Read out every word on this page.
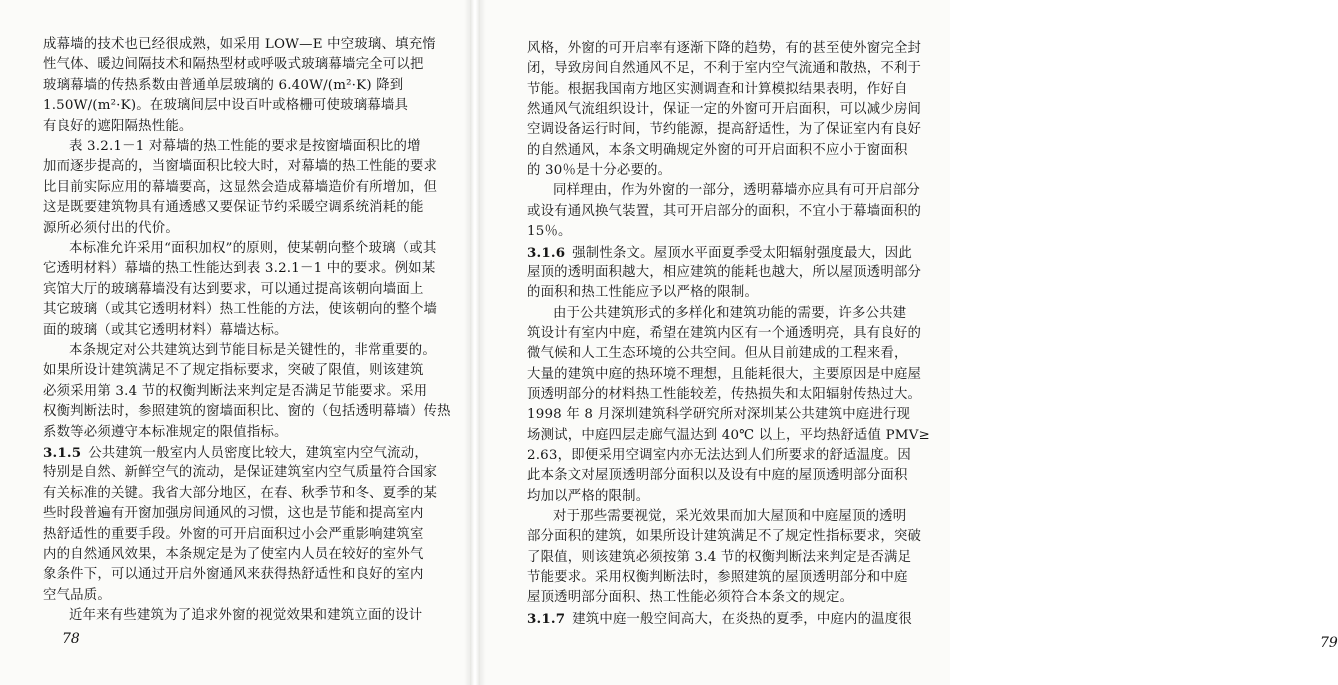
成幕墙的技术也已经很成熟，如采用 LOW—E 中空玻璃、填充惰
性气体、暖边间隔技术和隔热型材或呼吸式玻璃幕墙完全可以把
玻璃幕墙的传热系数由普通单层玻璃的 6.40W/(m²·K) 降到
1.50W/(m²·K)。在玻璃间层中设百叶或格栅可使玻璃幕墙具
有良好的遮阳隔热性能。
表 3.2.1－1 对幕墙的热工性能的要求是按窗墙面积比的增
加而逐步提高的，当窗墙面积比较大时，对幕墙的热工性能的要求
比目前实际应用的幕墙要高，这显然会造成幕墙造价有所增加，但
这是既要建筑物具有通透感又要保证节约采暖空调系统消耗的能
源所必须付出的代价。
本标准允许采用“面积加权”的原则，使某朝向整个玻璃（或其
它透明材料）幕墙的热工性能达到表 3.2.1－1 中的要求。例如某
宾馆大厅的玻璃幕墙没有达到要求，可以通过提高该朝向墙面上
其它玻璃（或其它透明材料）热工性能的方法，使该朝向的整个墙
面的玻璃（或其它透明材料）幕墙达标。
本条规定对公共建筑达到节能目标是关键性的，非常重要的。
如果所设计建筑满足不了规定指标要求，突破了限值，则该建筑
必须采用第 3.4 节的权衡判断法来判定是否满足节能要求。采用
权衡判断法时，参照建筑的窗墙面积比、窗的（包括透明幕墙）传热
系数等必须遵守本标准规定的限值指标。
3.1.5  公共建筑一般室内人员密度比较大，建筑室内空气流动，
特别是自然、新鲜空气的流动，是保证建筑室内空气质量符合国家
有关标准的关键。我省大部分地区，在春、秋季节和冬、夏季的某
些时段普遍有开窗加强房间通风的习惯，这也是节能和提高室内
热舒适性的重要手段。外窗的可开启面积过小会严重影响建筑室
内的自然通风效果，本条规定是为了使室内人员在较好的室外气
象条件下，可以通过开启外窗通风来获得热舒适性和良好的室内
空气品质。
近年来有些建筑为了追求外窗的视觉效果和建筑立面的设计
78
风格，外窗的可开启率有逐渐下降的趋势，有的甚至使外窗完全封
闭，导致房间自然通风不足，不利于室内空气流通和散热，不利于
节能。根据我国南方地区实测调查和计算模拟结果表明，作好自
然通风气流组织设计，保证一定的外窗可开启面积，可以减少房间
空调设备运行时间，节约能源，提高舒适性，为了保证室内有良好
的自然通风，本条文明确规定外窗的可开启面积不应小于窗面积
的 30％是十分必要的。
同样理由，作为外窗的一部分，透明幕墙亦应具有可开启部分
或设有通风换气装置，其可开启部分的面积，不宜小于幕墙面积的
15％。
3.1.6  强制性条文。屋顶水平面夏季受太阳辐射强度最大，因此
屋顶的透明面积越大，相应建筑的能耗也越大，所以屋顶透明部分
的面积和热工性能应予以严格的限制。
由于公共建筑形式的多样化和建筑功能的需要，许多公共建
筑设计有室内中庭，希望在建筑内区有一个通透明亮，具有良好的
微气候和人工生态环境的公共空间。但从目前建成的工程来看，
大量的建筑中庭的热环境不理想，且能耗很大，主要原因是中庭屋
顶透明部分的材料热工性能较差，传热损失和太阳辐射传热过大。
1998 年 8 月深圳建筑科学研究所对深圳某公共建筑中庭进行现
场测试，中庭四层走廊气温达到 40℃ 以上，平均热舒适值 PMV≥
2.63，即便采用空调室内亦无法达到人们所要求的舒适温度。因
此本条文对屋顶透明部分面积以及设有中庭的屋顶透明部分面积
均加以严格的限制。
对于那些需要视觉，采光效果而加大屋顶和中庭屋顶的透明
部分面积的建筑，如果所设计建筑满足不了规定性指标要求，突破
了限值，则该建筑必须按第 3.4 节的权衡判断法来判定是否满足
节能要求。采用权衡判断法时，参照建筑的屋顶透明部分和中庭
屋顶透明部分面积、热工性能必须符合本条文的规定。
3.1.7  建筑中庭一般空间高大，在炎热的夏季，中庭内的温度很
79
